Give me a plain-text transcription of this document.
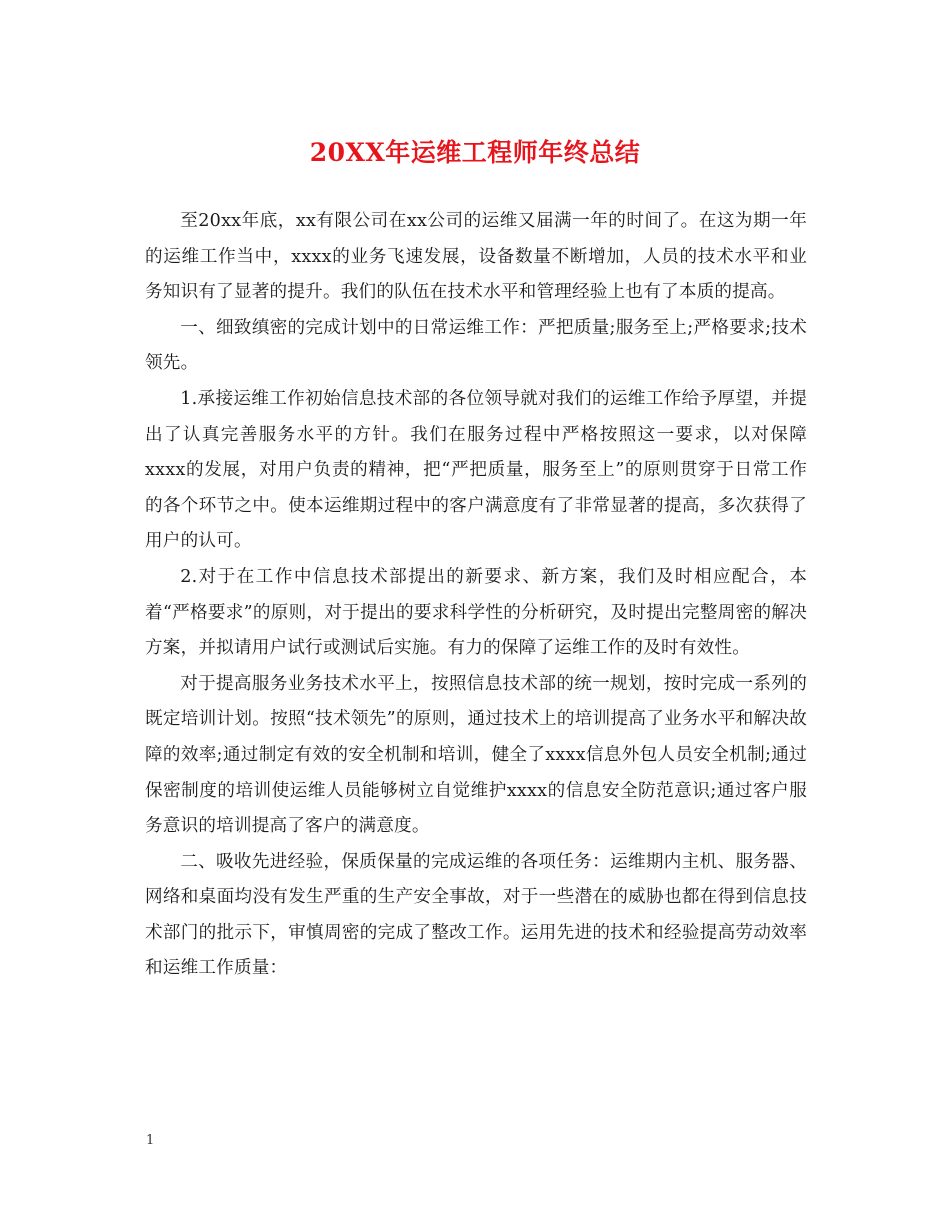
20XX年运维工程师年终总结

至20xx年底，xx有限公司在xx公司的运维又届满一年的时间了。在这为期一年的运维工作当中，xxxx的业务飞速发展，设备数量不断增加，人员的技术水平和业务知识有了显著的提升。我们的队伍在技术水平和管理经验上也有了本质的提高。

一、细致缜密的完成计划中的日常运维工作：严把质量;服务至上;严格要求;技术领先。

1.承接运维工作初始信息技术部的各位领导就对我们的运维工作给予厚望，并提出了认真完善服务水平的方针。我们在服务过程中严格按照这一要求，以对保障xxxx的发展，对用户负责的精神，把“严把质量，服务至上”的原则贯穿于日常工作的各个环节之中。使本运维期过程中的客户满意度有了非常显著的提高，多次获得了用户的认可。

2.对于在工作中信息技术部提出的新要求、新方案，我们及时相应配合，本着“严格要求”的原则，对于提出的要求科学性的分析研究，及时提出完整周密的解决方案，并拟请用户试行或测试后实施。有力的保障了运维工作的及时有效性。

对于提高服务业务技术水平上，按照信息技术部的统一规划，按时完成一系列的既定培训计划。按照“技术领先”的原则，通过技术上的培训提高了业务水平和解决故障的效率;通过制定有效的安全机制和培训，健全了xxxx信息外包人员安全机制;通过保密制度的培训使运维人员能够树立自觉维护xxxx的信息安全防范意识;通过客户服务意识的培训提高了客户的满意度。

二、吸收先进经验，保质保量的完成运维的各项任务：运维期内主机、服务器、网络和桌面均没有发生严重的生产安全事故，对于一些潜在的威胁也都在得到信息技术部门的批示下，审慎周密的完成了整改工作。运用先进的技术和经验提高劳动效率和运维工作质量：

1
